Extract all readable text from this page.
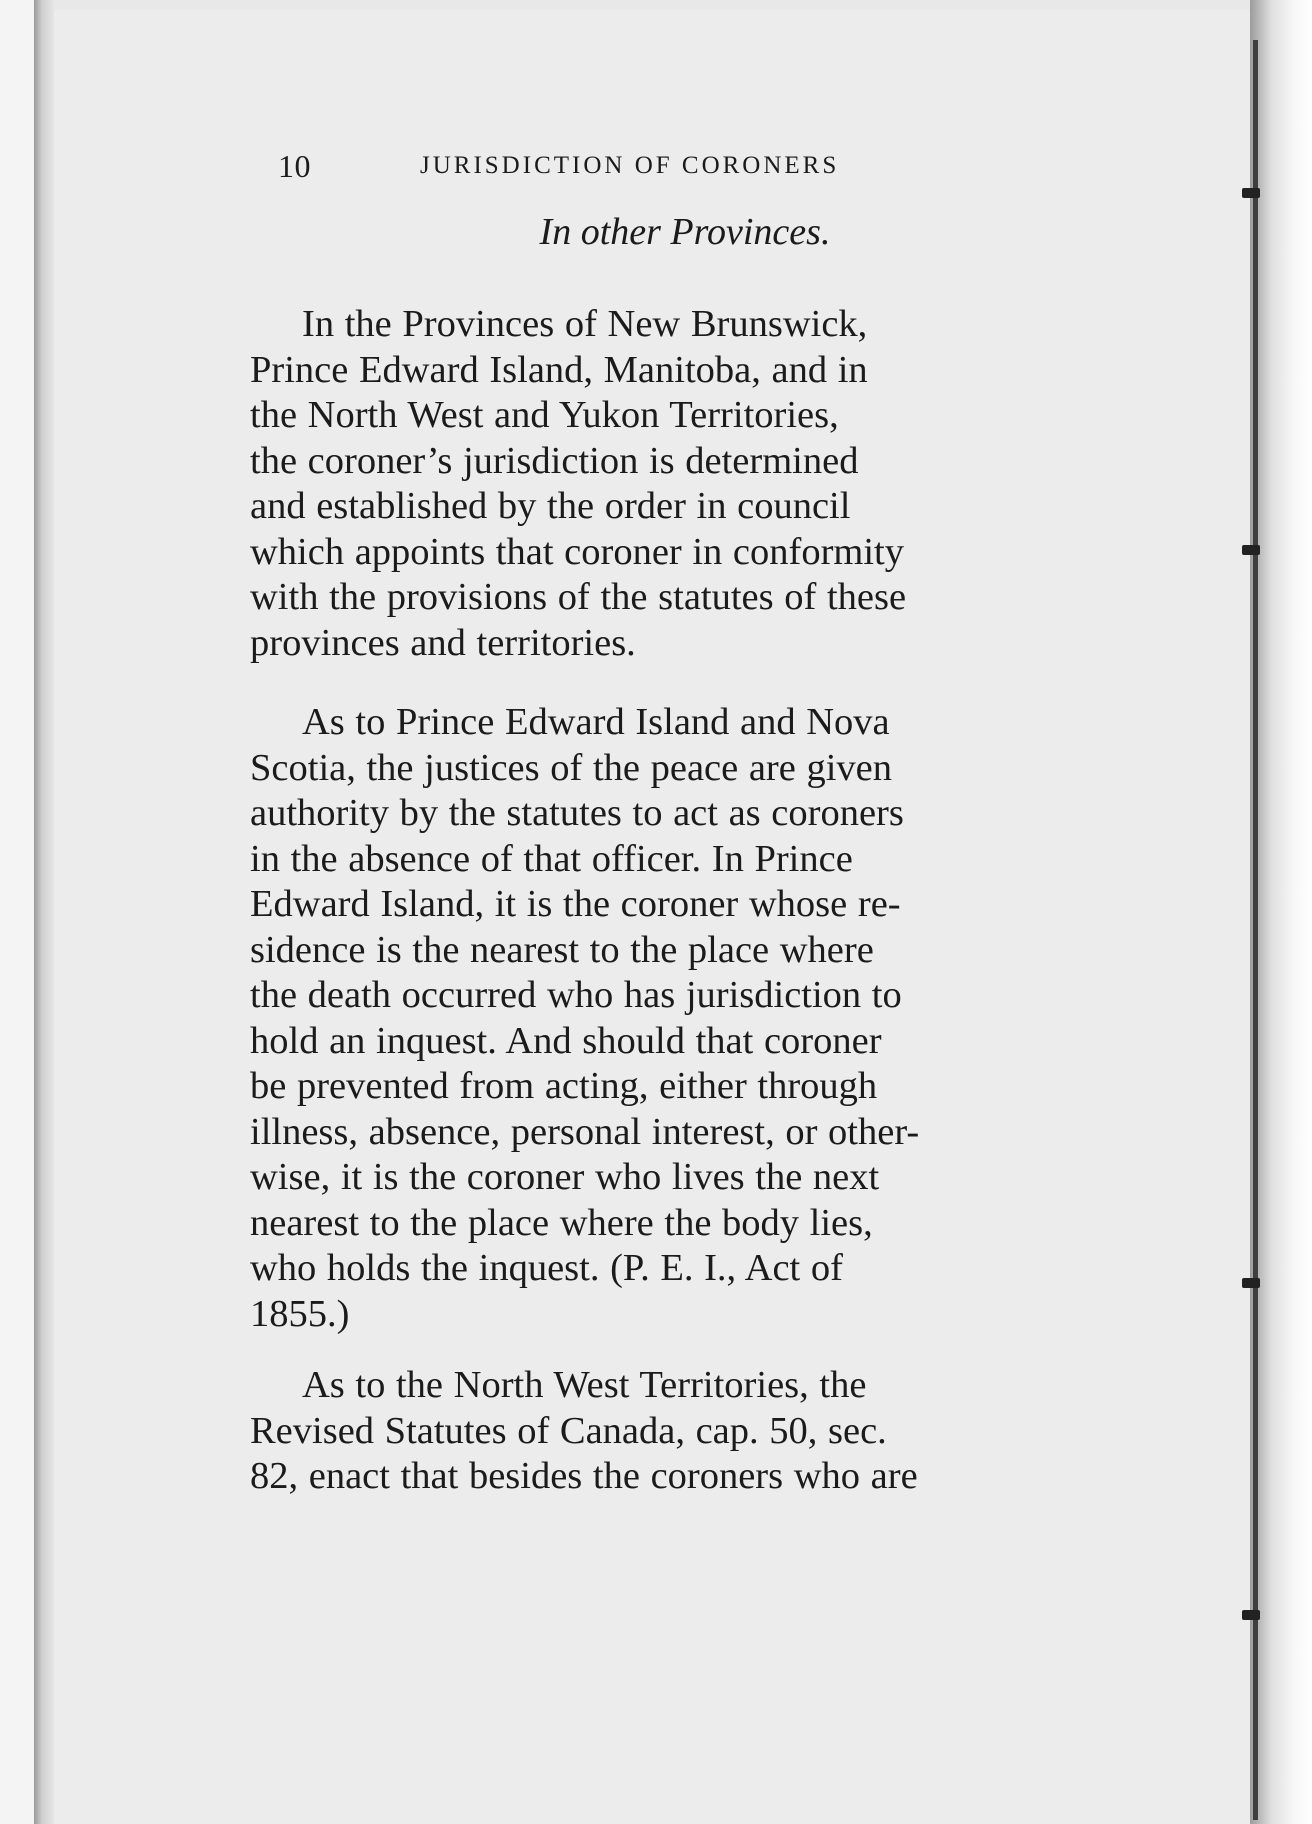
10	JURISDICTION OF CORONERS
In other Provinces.
In the Provinces of New Brunswick,
Prince Edward Island, Manitoba, and in
the North West and Yukon Territories,
the coroner’s jurisdiction is determined
and established by the order in council
which appoints that coroner in conformity
with the provisions of the statutes of these
provinces and territories.
As to Prince Edward Island and Nova
Scotia, the justices of the peace are given
authority by the statutes to act as coroners
in the absence of that officer. In Prince
Edward Island, it is the coroner whose re-
sidence is the nearest to the place where
the death occurred who has jurisdiction to
hold an inquest. And should that coroner
be prevented from acting, either through
illness, absence, personal interest, or other-
wise, it is the coroner who lives the next
nearest to the place where the body lies,
who holds the inquest. (P. E. I., Act of
1855.)
As to the North West Territories, the
Revised Statutes of Canada, cap. 50, sec.
82, enact that besides the coroners who are
